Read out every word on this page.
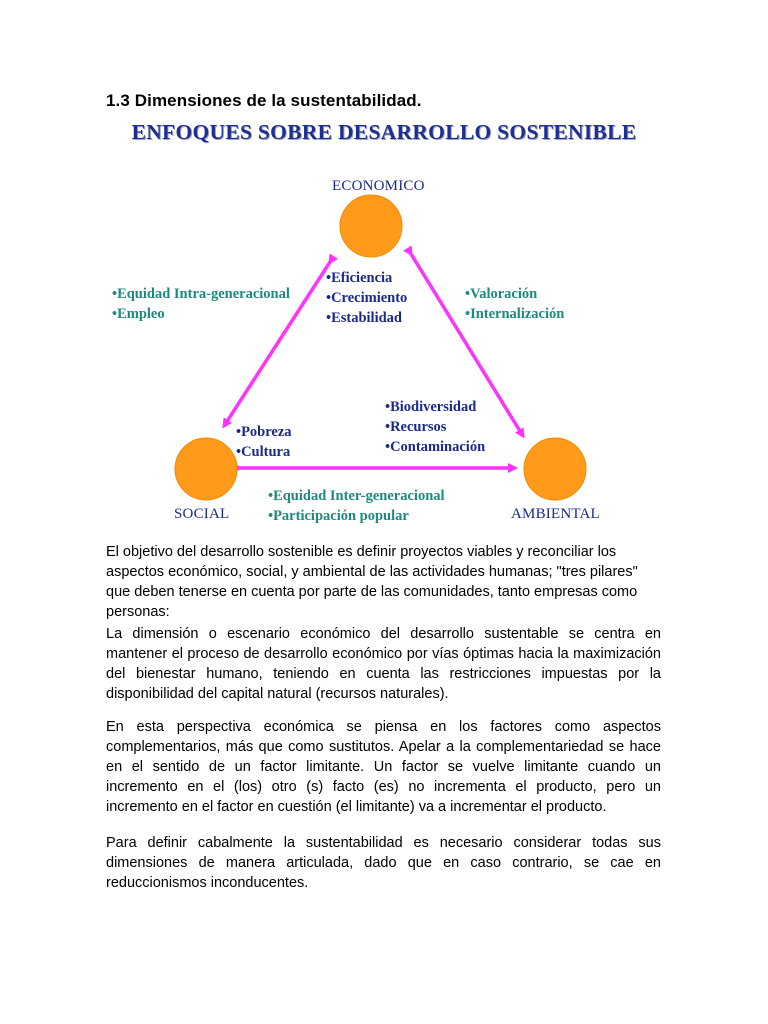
1.3 Dimensiones de la sustentabilidad.
ENFOQUES SOBRE DESARROLLO SOSTENIBLE
ECONOMICO
SOCIAL	AMBIENTAL
•Eficiencia
•Crecimiento
•Estabilidad
•Pobreza
•Cultura
•Biodiversidad
•Recursos
•Contaminación
•Equidad Intra-generacional
•Empleo
•Valoración
•Internalización
•Equidad Inter-generacional
•Participación popular
El objetivo del desarrollo sostenible es definir proyectos viables y reconciliar los aspectos económico, social, y ambiental de las actividades humanas; "tres pilares" que deben tenerse en cuenta por parte de las comunidades, tanto empresas como personas:
La dimensión o escenario económico del desarrollo sustentable se centra en mantener el proceso de desarrollo económico por vías óptimas hacia la maximización del bienestar humano, teniendo en cuenta las restricciones impuestas por la disponibilidad del capital natural (recursos naturales).
En esta perspectiva económica se piensa en los factores como aspectos complementarios, más que como sustitutos. Apelar a la complementariedad se hace en el sentido de un factor limitante. Un factor se vuelve limitante cuando un incremento en el (los) otro (s) facto (es) no incrementa el producto, pero un incremento en el factor en cuestión (el limitante) va a incrementar el producto.
Para definir cabalmente la sustentabilidad es necesario considerar todas sus dimensiones de manera articulada, dado que en caso contrario, se cae en reduccionismos inconducentes.
